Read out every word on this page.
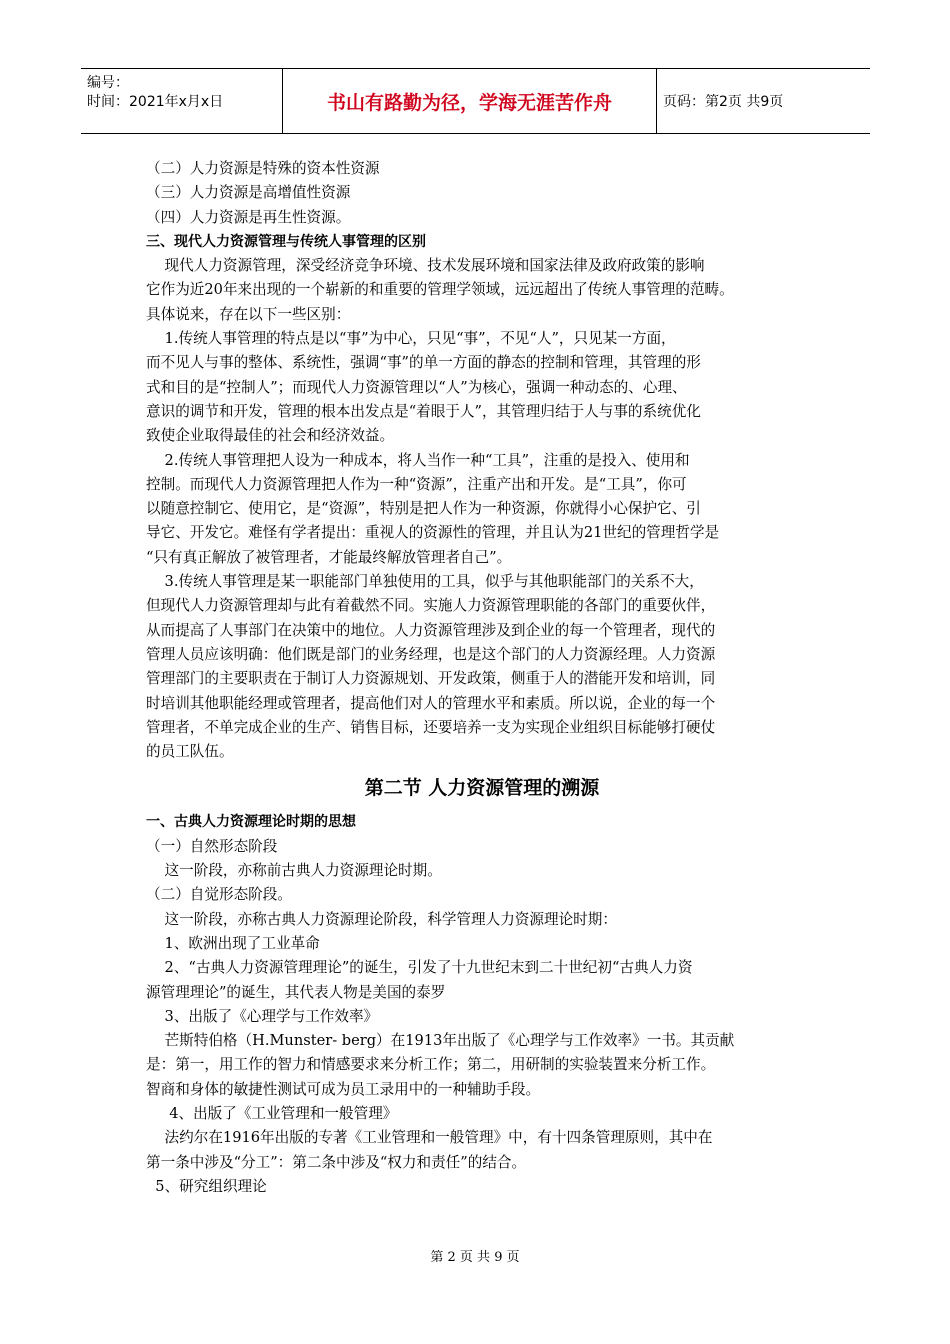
编号：
时间：2021年x月x日	书山有路勤为径，学海无涯苦作舟	页码：第2页 共9页

（二）人力资源是特殊的资本性资源

（三）人力资源是高增值性资源

（四）人力资源是再生性资源。

三、现代人力资源管理与传统人事管理的区别

现代人力资源管理，深受经济竞争环境、技术发展环境和国家法律及政府政策的影响

它作为近20年来出现的一个崭新的和重要的管理学领域，远远超出了传统人事管理的范畴。

具体说来，存在以下一些区别：

1.传统人事管理的特点是以“事”为中心，只见“事”，不见“人”，只见某一方面，

而不见人与事的整体、系统性，强调“事”的单一方面的静态的控制和管理，其管理的形

式和目的是“控制人”；而现代人力资源管理以“人”为核心，强调一种动态的、心理、

意识的调节和开发，管理的根本出发点是“着眼于人”，其管理归结于人与事的系统优化

致使企业取得最佳的社会和经济效益。

2.传统人事管理把人设为一种成本，将人当作一种“工具”，注重的是投入、使用和

控制。而现代人力资源管理把人作为一种“资源”，注重产出和开发。是“工具”，你可

以随意控制它、使用它，是“资源”，特别是把人作为一种资源，你就得小心保护它、引

导它、开发它。难怪有学者提出：重视人的资源性的管理，并且认为21世纪的管理哲学是

“只有真正解放了被管理者，才能最终解放管理者自己”。

3.传统人事管理是某一职能部门单独使用的工具，似乎与其他职能部门的关系不大，

但现代人力资源管理却与此有着截然不同。实施人力资源管理职能的各部门的重要伙伴，

从而提高了人事部门在决策中的地位。人力资源管理涉及到企业的每一个管理者，现代的

管理人员应该明确：他们既是部门的业务经理，也是这个部门的人力资源经理。人力资源

管理部门的主要职责在于制订人力资源规划、开发政策，侧重于人的潜能开发和培训，同

时培训其他职能经理或管理者，提高他们对人的管理水平和素质。所以说，企业的每一个

管理者，不单完成企业的生产、销售目标，还要培养一支为实现企业组织目标能够打硬仗

的员工队伍。

第二节 人力资源管理的溯源

一、古典人力资源理论时期的思想

（一）自然形态阶段

这一阶段，亦称前古典人力资源理论时期。

（二）自觉形态阶段。

这一阶段，亦称古典人力资源理论阶段，科学管理人力资源理论时期：

1、欧洲出现了工业革命

2、“古典人力资源管理理论”的诞生，引发了十九世纪末到二十世纪初“古典人力资

源管理理论”的诞生，其代表人物是美国的泰罗

3、出版了《心理学与工作效率》

芒斯特伯格（H.Munster- berg）在1913年出版了《心理学与工作效率》一书。其贡献

是：第一，用工作的智力和情感要求来分析工作；第二，用研制的实验装置来分析工作。

智商和身体的敏捷性测试可成为员工录用中的一种辅助手段。

4、出版了《工业管理和一般管理》

法约尔在1916年出版的专著《工业管理和一般管理》中，有十四条管理原则，其中在

第一条中涉及“分工”：第二条中涉及“权力和责任”的结合。

5、研究组织理论

第 2 页 共 9 页
